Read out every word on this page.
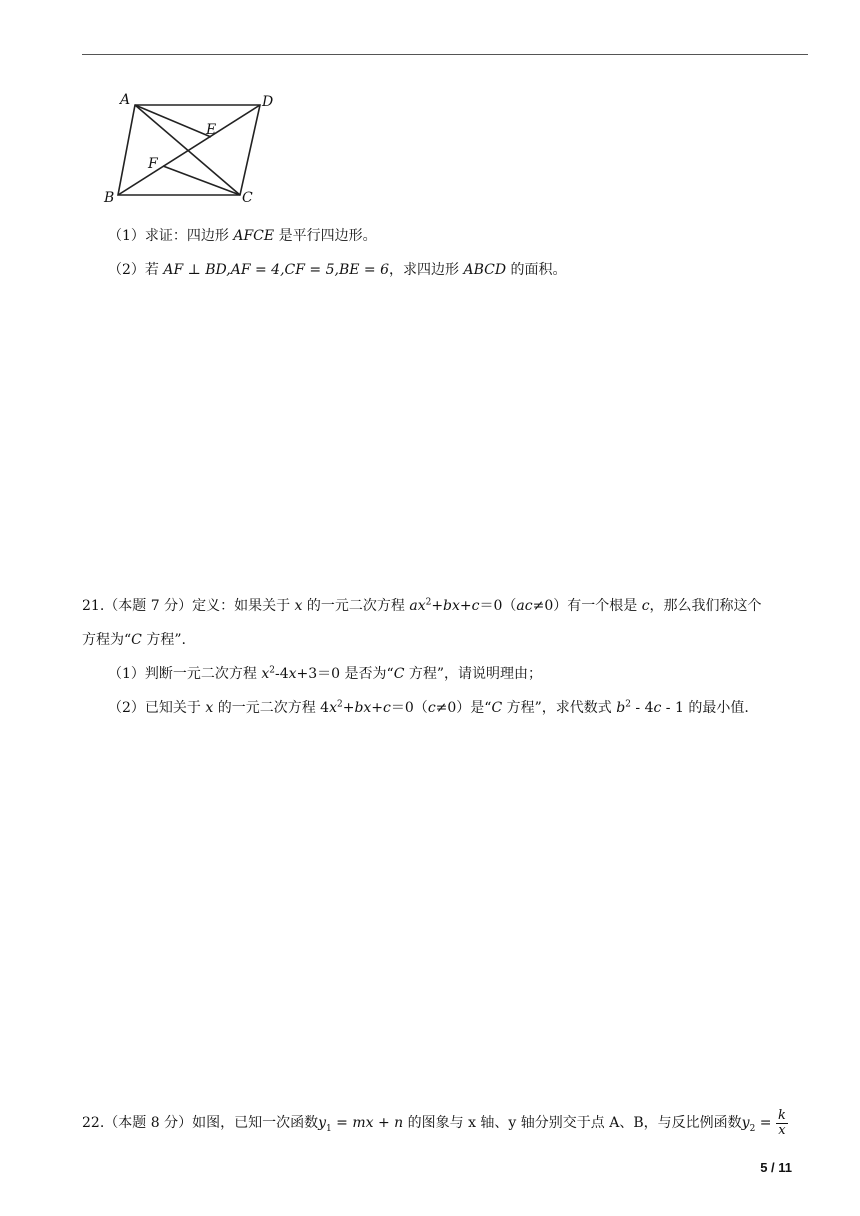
A	D
E
F
B	C
（1）求证：四边形 AFCE 是平行四边形。
（2）若 AF ⊥ BD,AF = 4,CF = 5,BE = 6，求四边形 ABCD 的面积。
21.（本题 7 分）定义：如果关于 x 的一元二次方程 $ax^2+bx+c=0(ac\ne 0)$有一个根是 c，那么我们称这个
方程为“C 方程”.
（1）判断一元二次方程 $x^2-4x+3=0$ 是否为“C 方程”，请说明理由；
（2）已知关于 x 的一元二次方程 $4x^2+bx+c=0(c\ne 0)$是“C 方程”，求代数式 $b^2 - 4c - 1$ 的最小值.
22.（本题 8 分）如图，已知一次函数$y_1$ = mx + n 的图象与 x 轴、y 轴分别交于点 A、B，与反比例函数$y_2 = \frac{k}{x}$
5 / 11
